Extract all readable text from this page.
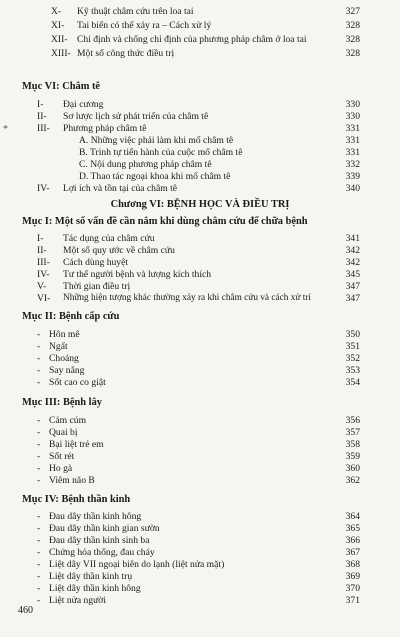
*
X- Kỹ thuật châm cứu trên loa tai	327
XI- Tai biến có thể xảy ra – Cách xử lý	328
XII- Chỉ định và chống chỉ định của phương pháp châm ở loa tai	328
XIII- Một số công thức điều trị	328
Mục VI: Châm tê
I- Đại cương	330
II- Sơ lược lịch sử phát triển của châm tê	330
III- Phương pháp châm tê	331
A. Những việc phải làm khi mổ châm tê	331
B. Trình tự tiến hành của cuộc mổ châm tê	331
C. Nội dung phương pháp châm tê	332
D. Thao tác ngoại khoa khi mổ châm tê	339
IV- Lợi ích và tồn tại của châm tê	340
Chương VI: BỆNH HỌC VÀ ĐIỀU TRỊ
Mục I: Một số vấn đề cần nắm khi dùng châm cứu để chữa bệnh
I- Tác dụng của châm cứu	341
II- Một số quy ước về châm cứu	342
III- Cách dùng huyệt	342
IV- Tư thế người bệnh và lượng kích thích	345
V- Thời gian điều trị	347
VI- Những hiện tượng khác thường xảy ra khi châm cứu và cách xử trí	347
Mục II: Bệnh cấp cứu
- Hôn mê	350
- Ngất	351
- Choáng	352
- Say nắng	353
- Sốt cao co giật	354
Mục III: Bệnh lây
- Cảm cúm	356
- Quai bị	357
- Bại liệt trẻ em	358
- Sốt rét	359
- Ho gà	360
- Viêm não B	362
Mục IV: Bệnh thần kinh
- Đau dây thần kinh hông	364
- Đau dây thần kinh gian sườn	365
- Đau dây thần kinh sinh ba	366
- Chứng hỏa thống, đau cháy	367
- Liệt dây VII ngoại biên do lạnh (liệt nửa mặt)	368
- Liệt dây thần kinh trụ	369
- Liệt dây thần kinh hông	370
- Liệt nửa người	371
460
